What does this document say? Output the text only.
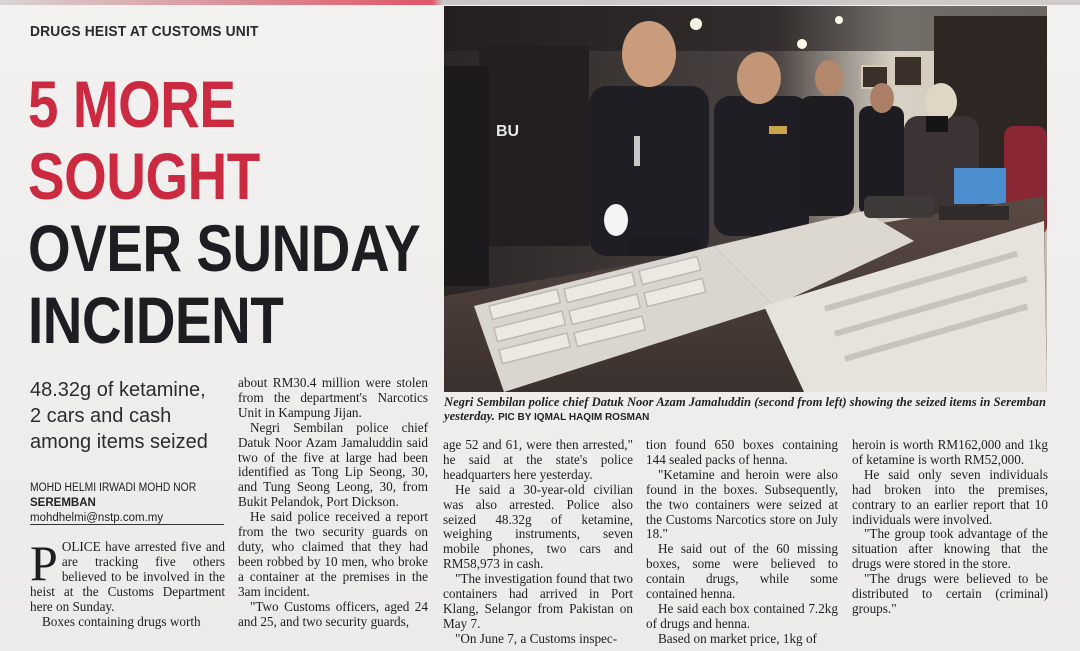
DRUGS HEIST AT CUSTOMS UNIT
5 MORE
SOUGHT
OVER SUNDAY
INCIDENT
48.32g of ketamine,
2 cars and cash
among items seized
MOHD HELMI IRWADI MOHD NOR
SEREMBAN
mohdhelmi@nstp.com.my
BU
Negri Sembilan police chief Datuk Noor Azam Jamaluddin (second from left) showing the seized items in Seremban yesterday. PIC BY IQMAL HAQIM ROSMAN

POLICE have arrested five and are tracking five others believed to be involved in the heist at the Customs Department here on Sunday.

Boxes containing drugs worth

about RM30.4 million were stolen from the department's Narcotics Unit in Kampung Jijan.

Negri Sembilan police chief Datuk Noor Azam Jamaluddin said two of the five at large had been identified as Tong Lip Seong, 30, and Tung Seong Leong, 30, from Bukit Pelandok, Port Dickson.

He said police received a report from the two security guards on duty, who claimed that they had been robbed by 10 men, who broke a container at the premises in the 3am incident.

"Two Customs officers, aged 24 and 25, and two security guards,

age 52 and 61, were then arrested," he said at the state's police headquarters here yesterday.

He said a 30-year-old civilian was also arrested. Police also seized 48.32g of ketamine, weighing instruments, seven mobile phones, two cars and RM58,973 in cash.

"The investigation found that two containers had arrived in Port Klang, Selangor from Pakistan on May 7.

"On June 7, a Customs inspec-

tion found 650 boxes containing 144 sealed packs of henna.

"Ketamine and heroin were also found in the boxes. Subsequently, the two containers were seized at the Customs Narcotics store on July 18."

He said out of the 60 missing boxes, some were believed to contain drugs, while some contained henna.

He said each box contained 7.2kg of drugs and henna.

Based on market price, 1kg of

heroin is worth RM162,000 and 1kg of ketamine is worth RM52,000.

He said only seven individuals had broken into the premises, contrary to an earlier report that 10 individuals were involved.

"The group took advantage of the situation after knowing that the drugs were stored in the store.

"The drugs were believed to be distributed to certain (criminal) groups."
